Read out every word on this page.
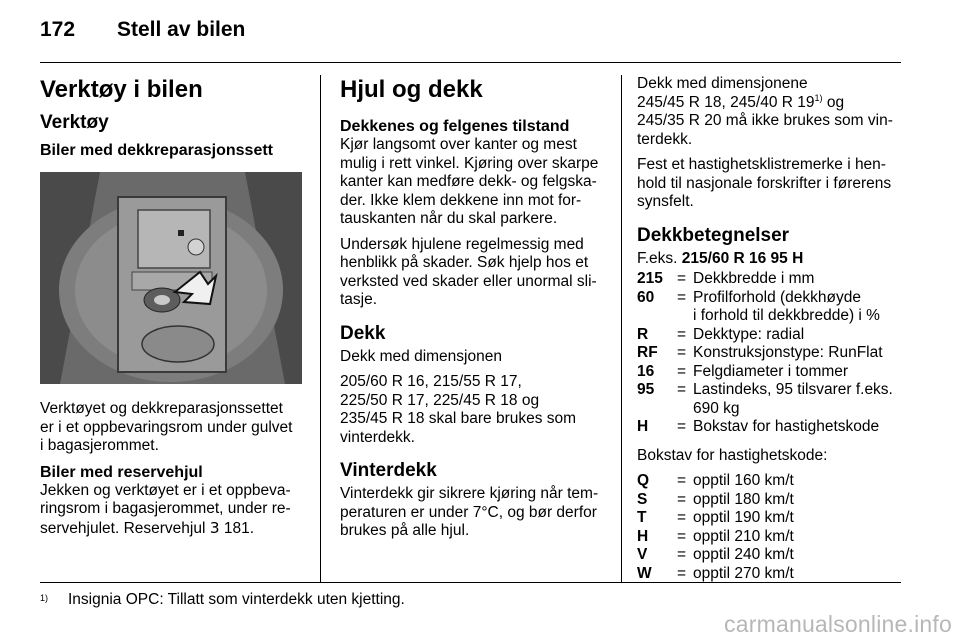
172 Stell av bilen
Verktøy i bilen
Verktøy
Biler med dekkreparasjonssett

Verktøyet og dekkreparasjonssettet
er i et oppbevaringsrom under gulvet
i bagasjerommet.

Biler med reservehjul

Jekken og verktøyet er i et oppbeva-
ringsrom i bagasjerommet, under re-
servehjulet. Reservehjul 3 181.

Hjul og dekk
Dekkenes og felgenes tilstand

Kjør langsomt over kanter og mest
mulig i rett vinkel. Kjøring over skarpe
kanter kan medføre dekk- og felgska-
der. Ikke klem dekkene inn mot for-
tauskanten når du skal parkere.

Undersøk hjulene regelmessig med
henblikk på skader. Søk hjelp hos et
verksted ved skader eller unormal sli-
tasje.

Dekk

Dekk med dimensjonen

205/60 R 16, 215/55 R 17,
225/50 R 17, 225/45 R 18 og
235/45 R 18 skal bare brukes som
vinterdekk.

Vinterdekk

Vinterdekk gir sikrere kjøring når tem-
peraturen er under 7°C, og bør derfor
brukes på alle hjul.

Dekk med dimensjonene
245/45 R 18, 245/40 R 19$^{1)}$ og
245/35 R 20 må ikke brukes som vin-
terdekk.

Fest et hastighetsklistremerke i hen-
hold til nasjonale forskrifter i førerens
synsfelt.

Dekkbetegnelser

F.eks. 215/60 R 16 95 H

215	=	Dekkbredde i mm
60	=	Profilforhold (dekkhøyde
i forhold til dekkbredde) i %
R	=	Dekktype: radial
RF	=	Konstruksjonstype: RunFlat
16	=	Felgdiameter i tommer
95	=	Lastindeks, 95 tilsvarer f.eks.
690 kg
H	=	Bokstav for hastighetskode

Bokstav for hastighetskode:

Q	=	opptil 160 km/t
S	=	opptil 180 km/t
T	=	opptil 190 km/t
H	=	opptil 210 km/t
V	=	opptil 240 km/t
W	=	opptil 270 km/t
1) Insignia OPC: Tillatt som vinterdekk uten kjetting.
carmanualsonline.info
